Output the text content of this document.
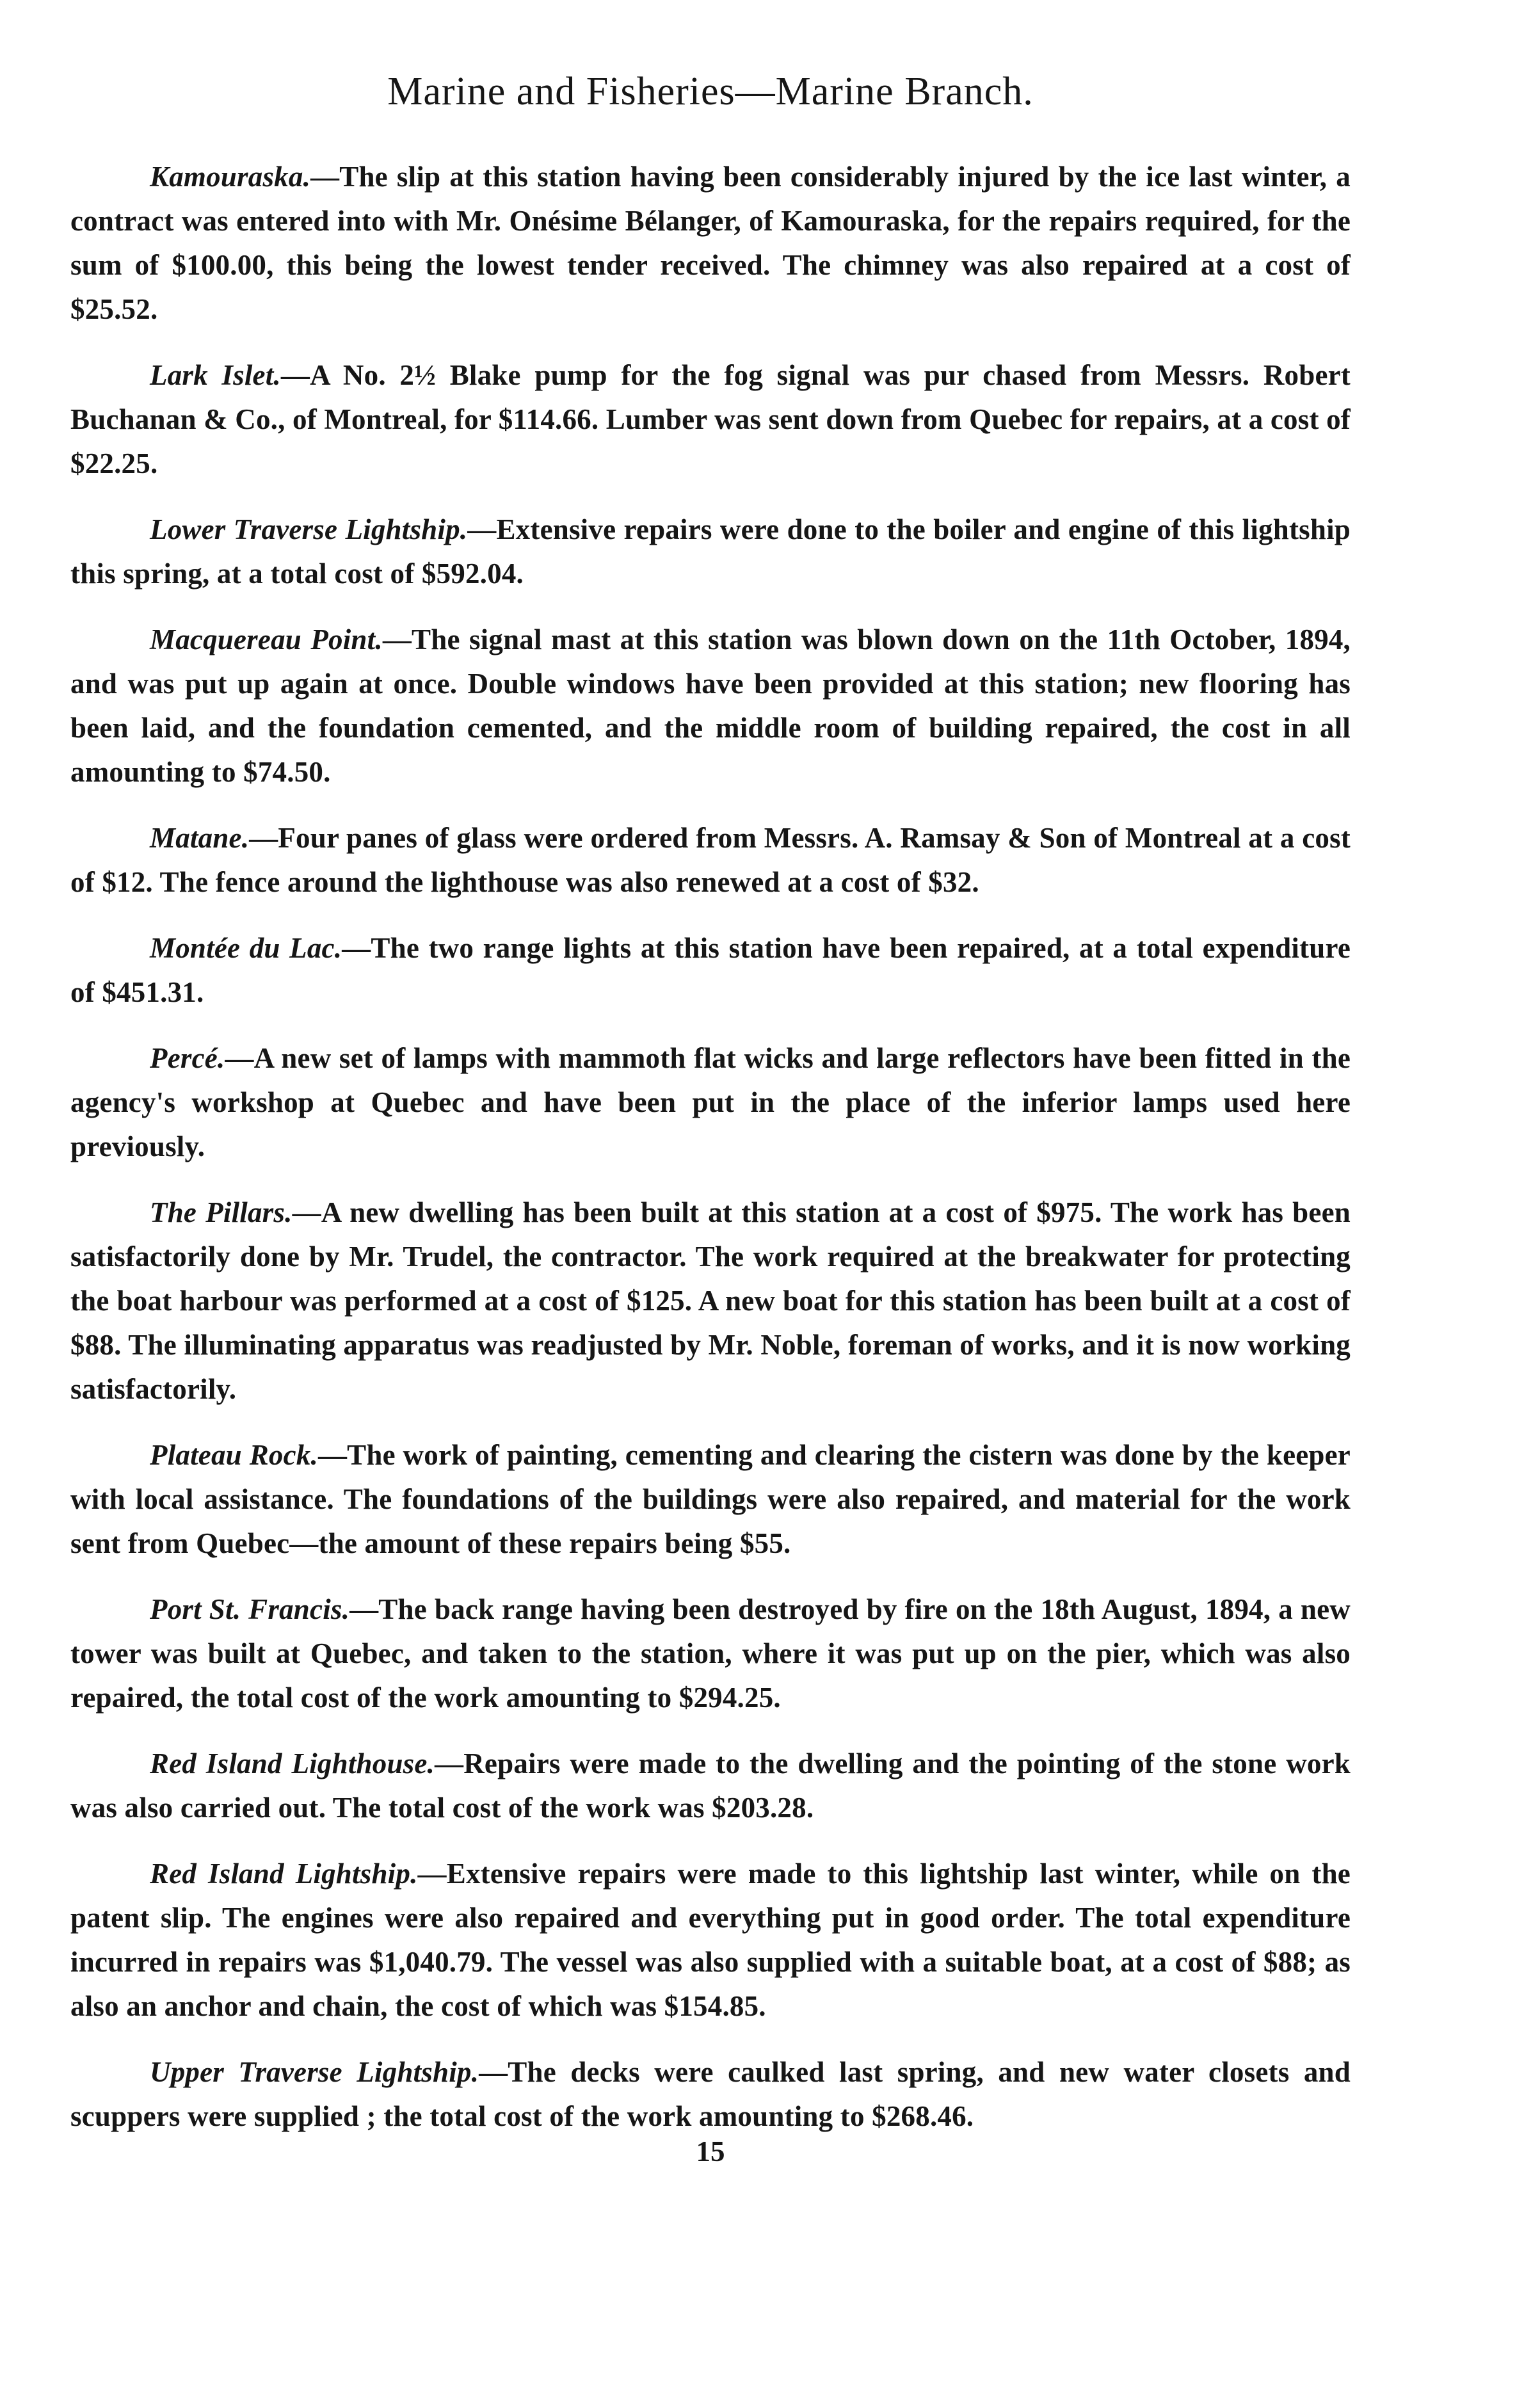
Marine and Fisheries—Marine Branch.

Kamouraska.—The slip at this station having been considerably injured by the ice last winter, a contract was entered into with Mr. Onésime Bélanger, of Kamouraska, for the repairs required, for the sum of $100.00, this being the lowest tender received. The chimney was also repaired at a cost of $25.52.

Lark Islet.—A No. 2½ Blake pump for the fog signal was pur chased from Messrs. Robert Buchanan & Co., of Montreal, for $114.66. Lumber was sent down from Quebec for repairs, at a cost of $22.25.

Lower Traverse Lightship.—Extensive repairs were done to the boiler and engine of this lightship this spring, at a total cost of $592.04.

Macquereau Point.—The signal mast at this station was blown down on the 11th October, 1894, and was put up again at once. Double windows have been provided at this station; new flooring has been laid, and the foundation cemented, and the middle room of building repaired, the cost in all amounting to $74.50.

Matane.—Four panes of glass were ordered from Messrs. A. Ramsay & Son of Montreal at a cost of $12. The fence around the lighthouse was also renewed at a cost of $32.

Montée du Lac.—The two range lights at this station have been repaired, at a total expenditure of $451.31.

Percé.—A new set of lamps with mammoth flat wicks and large reflectors have been fitted in the agency's workshop at Quebec and have been put in the place of the inferior lamps used here previously.

The Pillars.—A new dwelling has been built at this station at a cost of $975. The work has been satisfactorily done by Mr. Trudel, the contractor. The work required at the breakwater for protecting the boat harbour was performed at a cost of $125. A new boat for this station has been built at a cost of $88. The illuminating apparatus was readjusted by Mr. Noble, foreman of works, and it is now working satisfactorily.

Plateau Rock.—The work of painting, cementing and clearing the cistern was done by the keeper with local assistance. The foundations of the buildings were also repaired, and material for the work sent from Quebec—the amount of these repairs being $55.

Port St. Francis.—The back range having been destroyed by fire on the 18th August, 1894, a new tower was built at Quebec, and taken to the station, where it was put up on the pier, which was also repaired, the total cost of the work amounting to $294.25.

Red Island Lighthouse.—Repairs were made to the dwelling and the pointing of the stone work was also carried out. The total cost of the work was $203.28.

Red Island Lightship.—Extensive repairs were made to this lightship last winter, while on the patent slip. The engines were also repaired and everything put in good order. The total expenditure incurred in repairs was $1,040.79. The vessel was also supplied with a suitable boat, at a cost of $88; as also an anchor and chain, the cost of which was $154.85.

Upper Traverse Lightship.—The decks were caulked last spring, and new water closets and scuppers were supplied ; the total cost of the work amounting to $268.46.

15
